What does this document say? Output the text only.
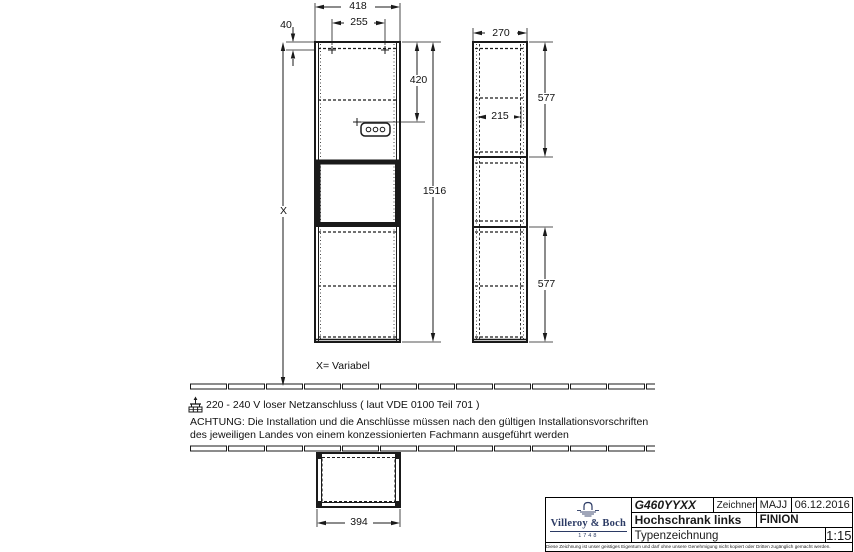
418
255
40
X
420
1516
270
215
577
577
394
X= Variabel
220 - 240 V loser Netzanschluss ( laut VDE 0100 Teil 701 )
ACHTUNG: Die Installation und die Anschlüsse müssen nach den gültigen Installationsvorschriften
des jeweiligen Landes von einem konzessionierten Fachmann ausgeführt werden
Villeroy & Boch
1748
G460YYXX	Zeichner MAJJ 06.12.2016
Hochschrank links	FINION
Typenzeichnung	1:15
Diese Zeichnung ist unser geistiges Eigentum und darf ohne unsere Genehmigung nicht kopiert oder Dritten zugänglich gemacht werden.
